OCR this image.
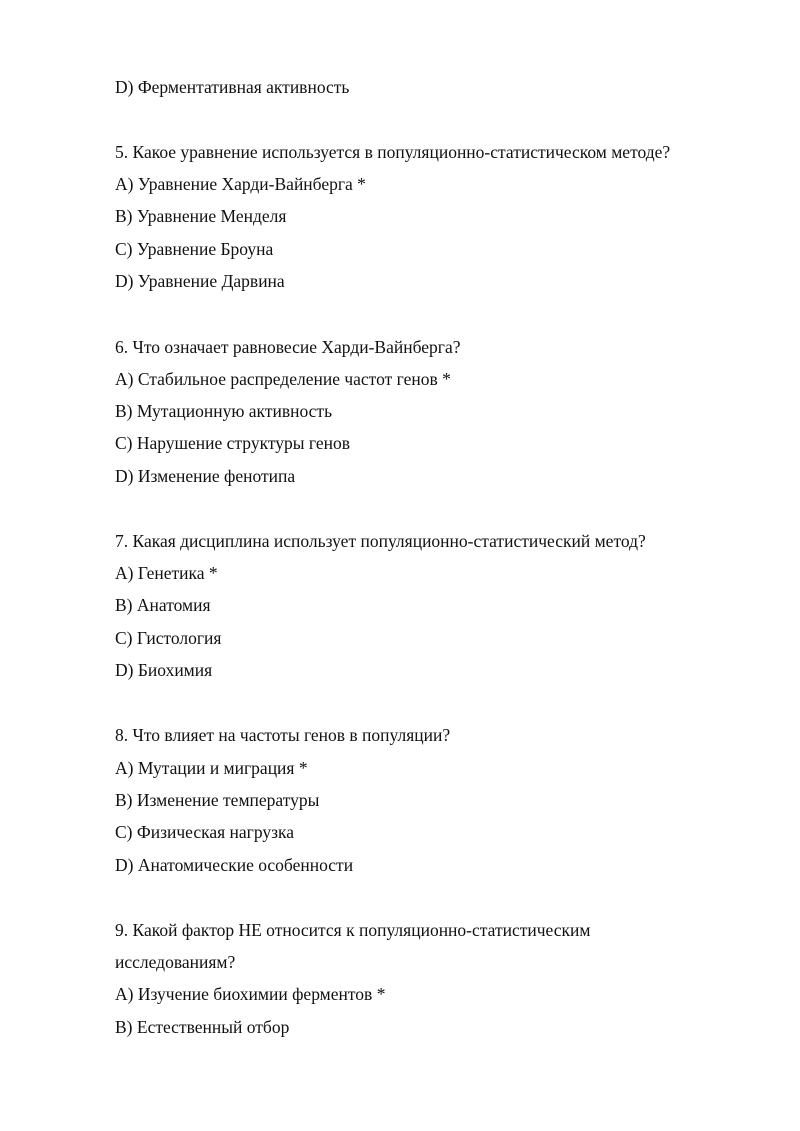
D) Ферментативная активность
5. Какое уравнение используется в популяционно-статистическом методе?
A) Уравнение Харди-Вайнберга *
B) Уравнение Менделя
C) Уравнение Броуна
D) Уравнение Дарвина
6. Что означает равновесие Харди-Вайнберга?
A) Стабильное распределение частот генов *
B) Мутационную активность
C) Нарушение структуры генов
D) Изменение фенотипа
7. Какая дисциплина использует популяционно-статистический метод?
A) Генетика *
B) Анатомия
C) Гистология
D) Биохимия
8. Что влияет на частоты генов в популяции?
A) Мутации и миграция *
B) Изменение температуры
C) Физическая нагрузка
D) Анатомические особенности
9. Какой фактор НЕ относится к популяционно-статистическим
исследованиям?
A) Изучение биохимии ферментов *
B) Естественный отбор
